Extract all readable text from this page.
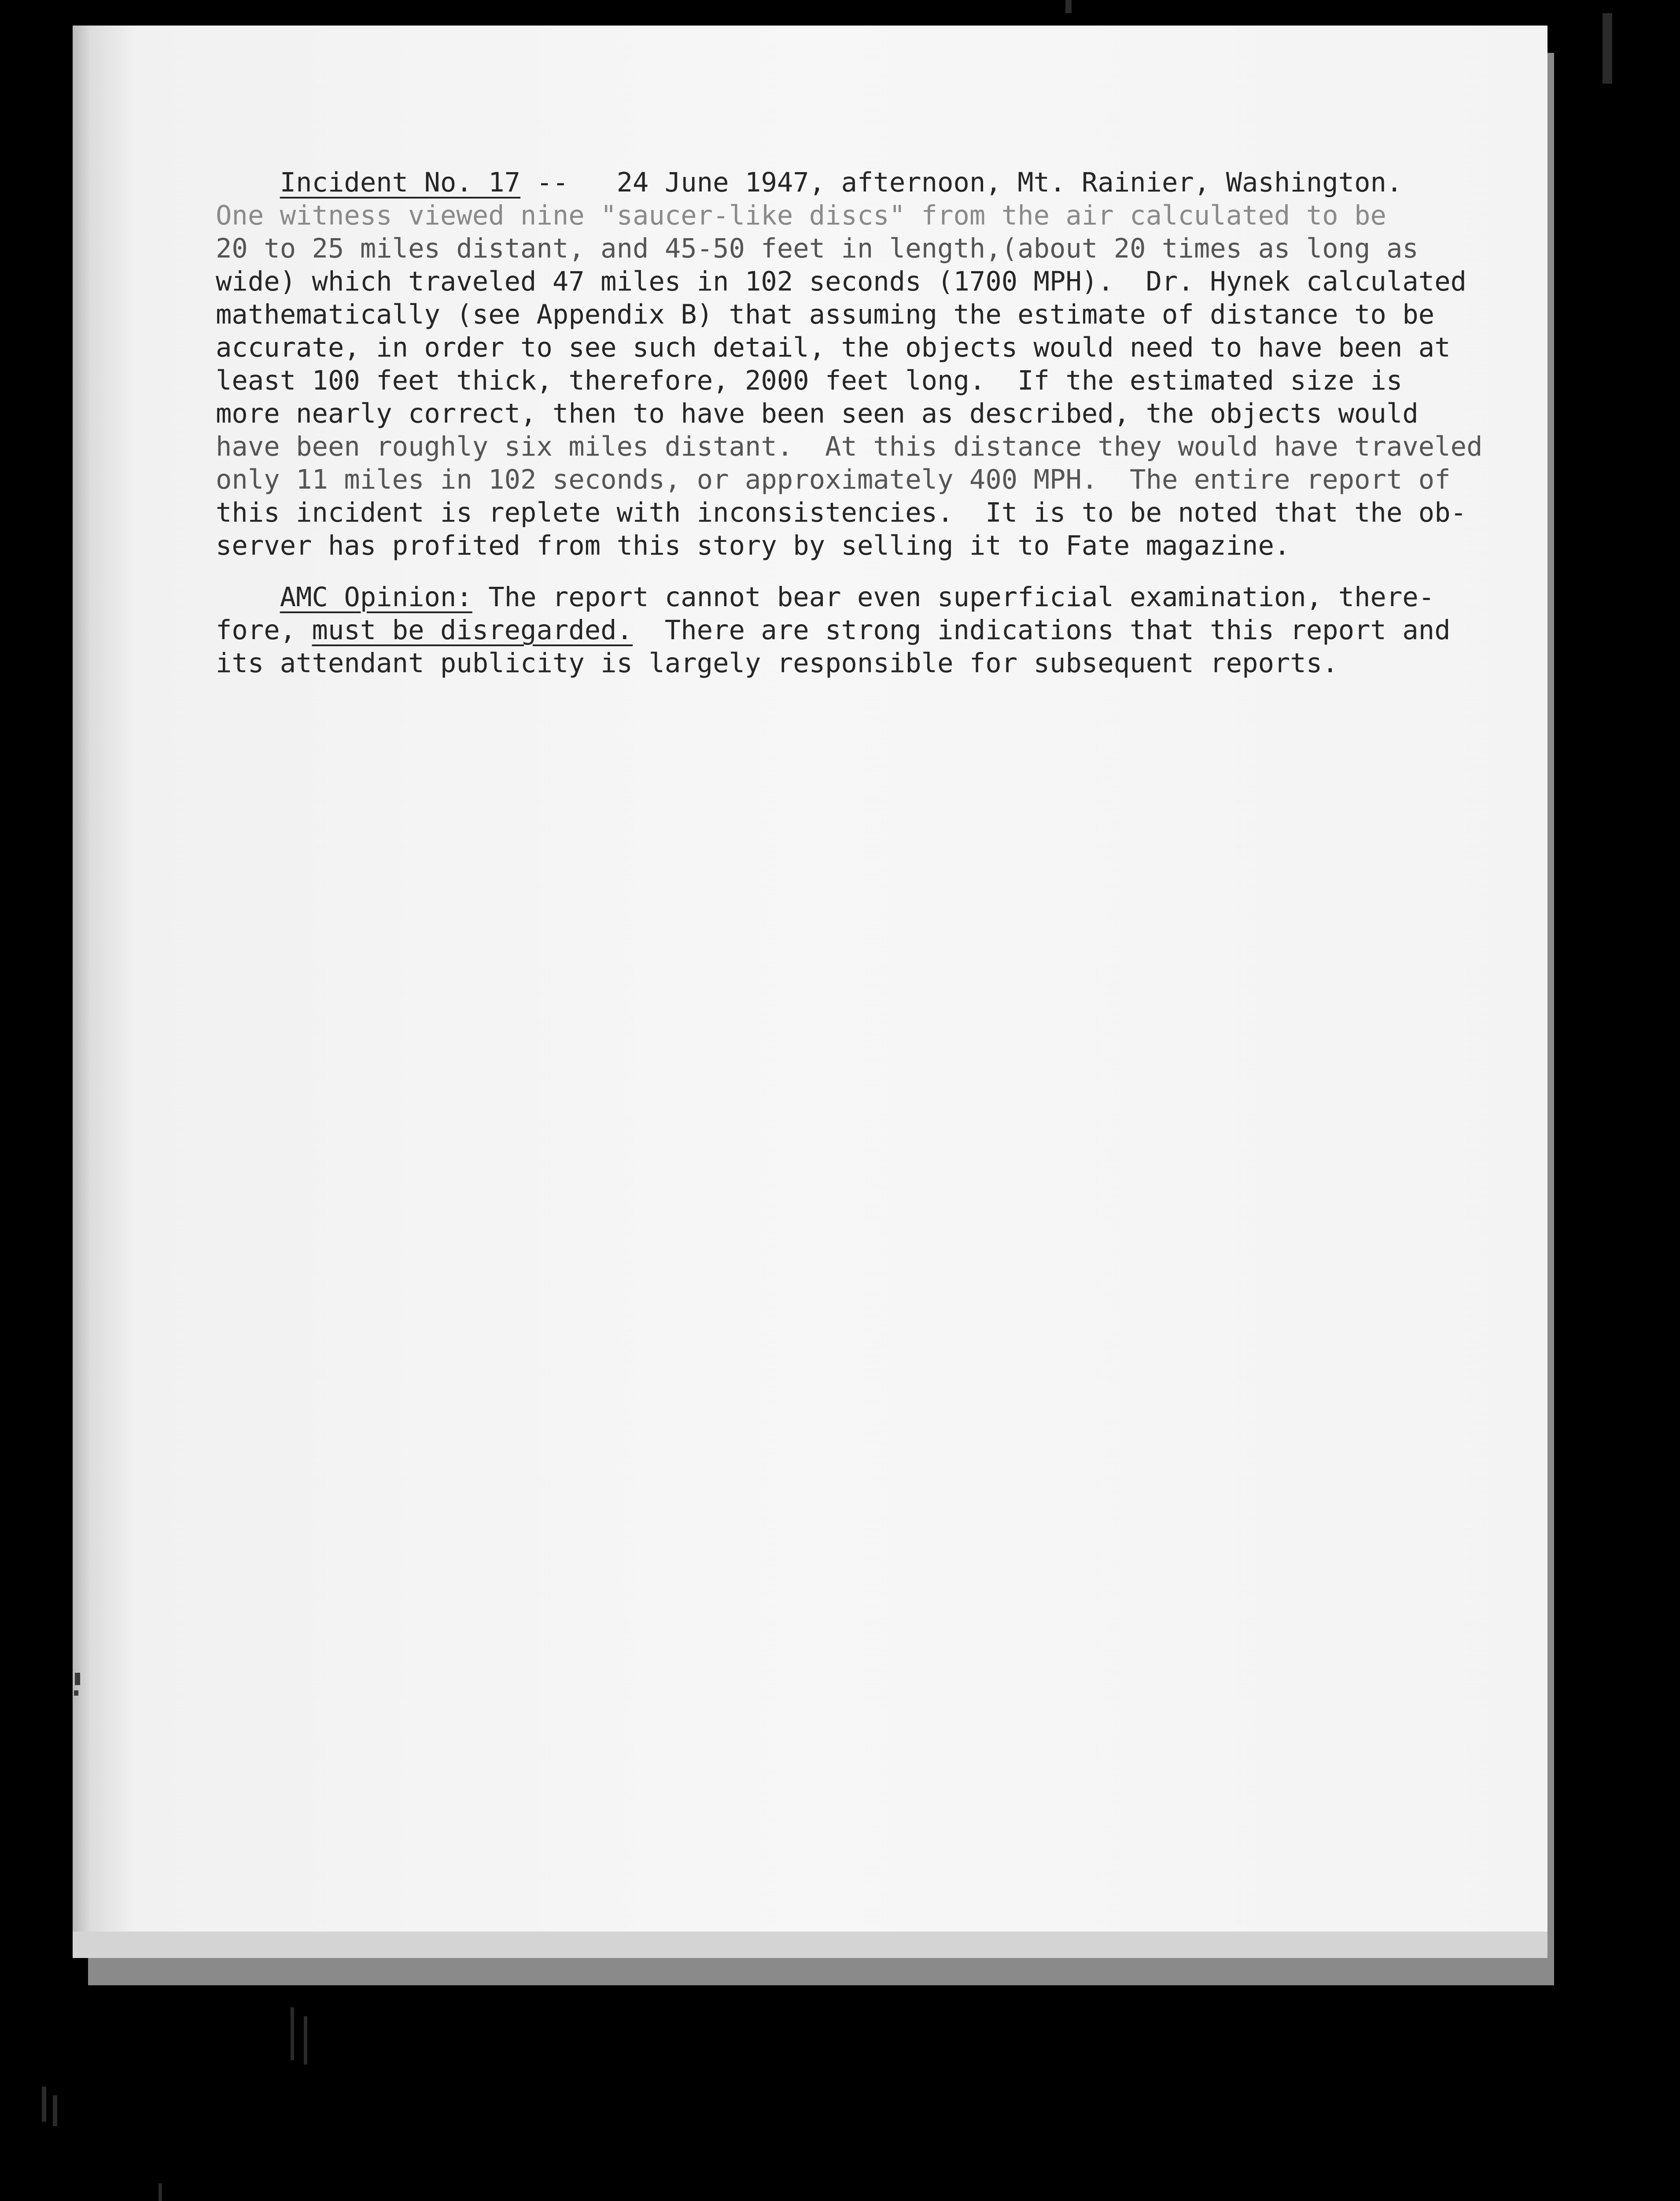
Incident No. 17 --   24 June 1947, afternoon, Mt. Rainier, Washington.
One witness viewed nine "saucer-like discs" from the air calculated to be
20 to 25 miles distant, and 45-50 feet in length,(about 20 times as long as
wide) which traveled 47 miles in 102 seconds (1700 MPH).  Dr. Hynek calculated
mathematically (see Appendix B) that assuming the estimate of distance to be
accurate, in order to see such detail, the objects would need to have been at
least 100 feet thick, therefore, 2000 feet long.  If the estimated size is
more nearly correct, then to have been seen as described, the objects would
have been roughly six miles distant.  At this distance they would have traveled
only 11 miles in 102 seconds, or approximately 400 MPH.  The entire report of
this incident is replete with inconsistencies.  It is to be noted that the ob-
server has profited from this story by selling it to Fate magazine.
AMC Opinion: The report cannot bear even superficial examination, there-
fore, must be disregarded.  There are strong indications that this report and
its attendant publicity is largely responsible for subsequent reports.
